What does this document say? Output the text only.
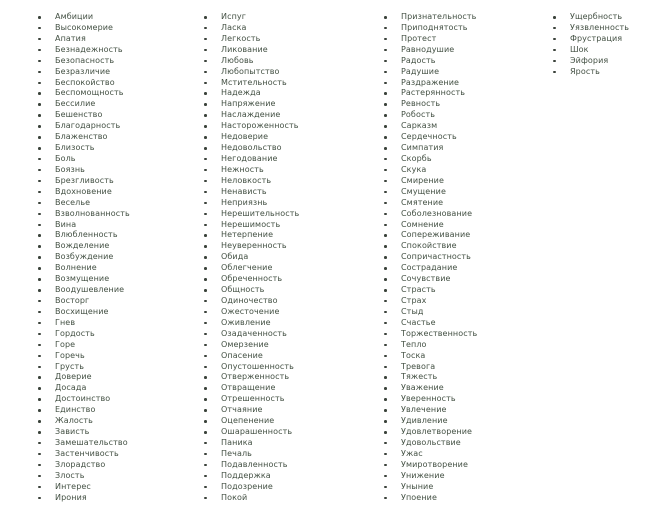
Амбиции
Высокомерие
Апатия
Безнадежность
Безопасность
Безразличие
Беспокойство
Беспомощность
Бессилие
Бешенство
Благодарность
Блаженство
Близость
Боль
Боязнь
Брезгливость
Вдохновение
Веселье
Взволнованность
Вина
Влюбленность
Вожделение
Возбуждение
Волнение
Возмущение
Воодушевление
Восторг
Восхищение
Гнев
Гордость
Горе
Горечь
Грусть
Доверие
Досада
Достоинство
Единство
Жалость
Зависть
Замешательство
Застенчивость
Злорадство
Злость
Интерес
Ирония
Испуг
Ласка
Легкость
Ликование
Любовь
Любопытство
Мстительность
Надежда
Напряжение
Наслаждение
Настороженность
Недоверие
Недовольство
Негодование
Нежность
Неловкость
Ненависть
Неприязнь
Нерешительность
Нерешимость
Нетерпение
Неуверенность
Обида
Облегчение
Обреченность
Общность
Одиночество
Ожесточение
Оживление
Озадаченность
Омерзение
Опасение
Опустошенность
Отверженность
Отвращение
Отрешенность
Отчаяние
Оцепенение
Ошарашенность
Паника
Печаль
Подавленность
Поддержка
Подозрение
Покой
Признательность
Приподнятость
Протест
Равнодушие
Радость
Радушие
Раздражение
Растерянность
Ревность
Робость
Сарказм
Сердечность
Симпатия
Скорбь
Скука
Смирение
Смущение
Смятение
Соболезнование
Сомнение
Сопереживание
Спокойствие
Сопричастность
Сострадание
Сочувствие
Страсть
Страх
Стыд
Счастье
Торжественность
Тепло
Тоска
Тревога
Тяжесть
Уважение
Уверенность
Увлечение
Удивление
Удовлетворение
Удовольствие
Ужас
Умиротворение
Унижение
Уныние
Упоение
Ущербность
Уязвленность
Фрустрация
Шок
Эйфория
Ярость
